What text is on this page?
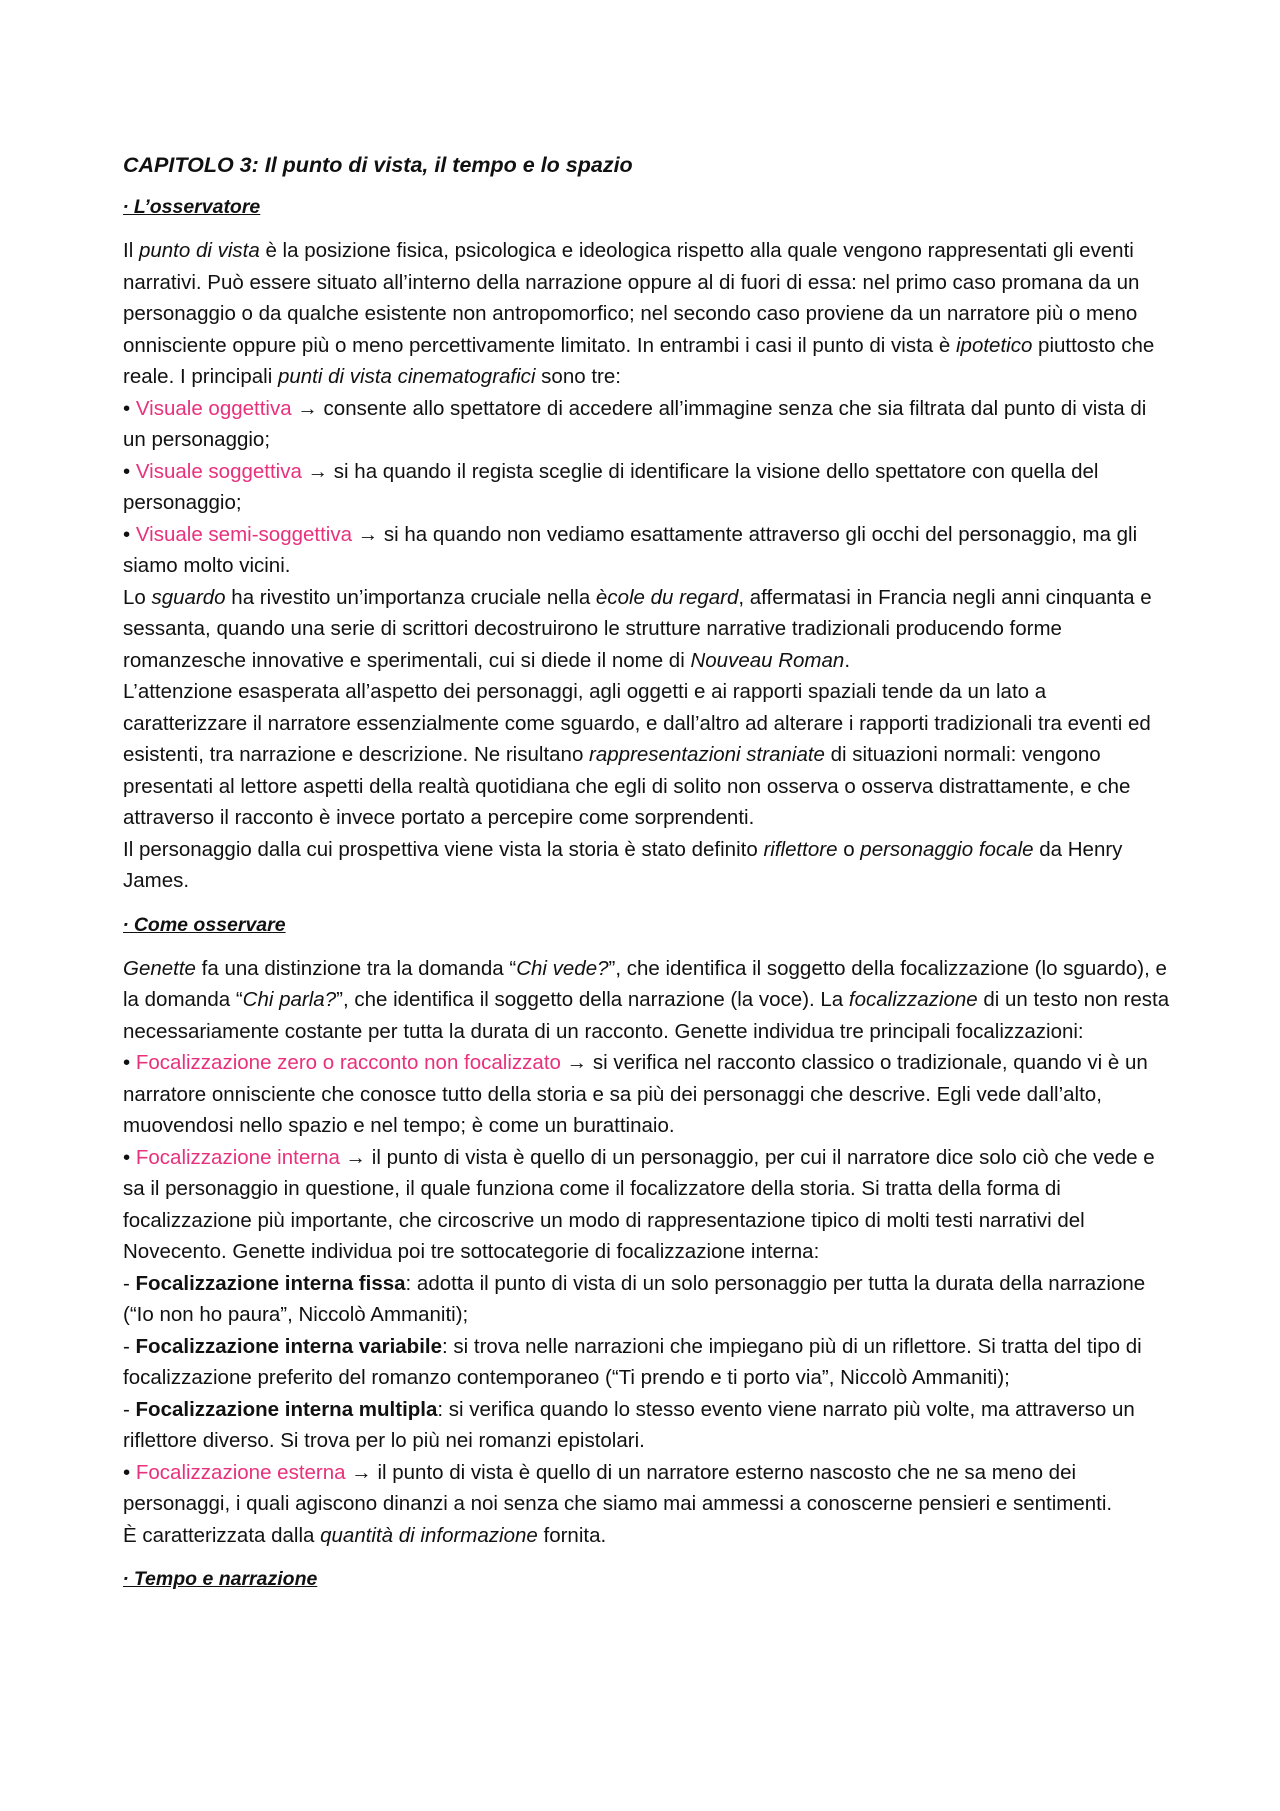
CAPITOLO 3: Il punto di vista, il tempo e lo spazio

∙ L’osservatore

Il punto di vista è la posizione fisica, psicologica e ideologica rispetto alla quale vengono rappresentati gli eventi narrativi. Può essere situato all’interno della narrazione oppure al di fuori di essa: nel primo caso promana da un personaggio o da qualche esistente non antropomorfico; nel secondo caso proviene da un narratore più o meno onnisciente oppure più o meno percettivamente limitato. In entrambi i casi il punto di vista è ipotetico piuttosto che reale. I principali punti di vista cinematografici sono tre:

• Visuale oggettiva → consente allo spettatore di accedere all’immagine senza che sia filtrata dal punto di vista di un personaggio;

• Visuale soggettiva → si ha quando il regista sceglie di identificare la visione dello spettatore con quella del personaggio;

• Visuale semi-soggettiva → si ha quando non vediamo esattamente attraverso gli occhi del personaggio, ma gli siamo molto vicini.

Lo sguardo ha rivestito un’importanza cruciale nella ècole du regard, affermatasi in Francia negli anni cinquanta e sessanta, quando una serie di scrittori decostruirono le strutture narrative tradizionali producendo forme romanzesche innovative e sperimentali, cui si diede il nome di Nouveau Roman.

L’attenzione esasperata all’aspetto dei personaggi, agli oggetti e ai rapporti spaziali tende da un lato a caratterizzare il narratore essenzialmente come sguardo, e dall’altro ad alterare i rapporti tradizionali tra eventi ed esistenti, tra narrazione e descrizione. Ne risultano rappresentazioni straniate di situazioni normali: vengono presentati al lettore aspetti della realtà quotidiana che egli di solito non osserva o osserva distrattamente, e che attraverso il racconto è invece portato a percepire come sorprendenti.

Il personaggio dalla cui prospettiva viene vista la storia è stato definito riflettore o personaggio focale da Henry James.

∙ Come osservare

Genette fa una distinzione tra la domanda “Chi vede?”, che identifica il soggetto della focalizzazione (lo sguardo), e la domanda “Chi parla?”, che identifica il soggetto della narrazione (la voce). La focalizzazione di un testo non resta necessariamente costante per tutta la durata di un racconto. Genette individua tre principali focalizzazioni:

• Focalizzazione zero o racconto non focalizzato → si verifica nel racconto classico o tradizionale, quando vi è un narratore onnisciente che conosce tutto della storia e sa più dei personaggi che descrive. Egli vede dall’alto, muovendosi nello spazio e nel tempo; è come un burattinaio.

• Focalizzazione interna → il punto di vista è quello di un personaggio, per cui il narratore dice solo ciò che vede e sa il personaggio in questione, il quale funziona come il focalizzatore della storia. Si tratta della forma di focalizzazione più importante, che circoscrive un modo di rappresentazione tipico di molti testi narrativi del Novecento. Genette individua poi tre sottocategorie di focalizzazione interna:

- Focalizzazione interna fissa: adotta il punto di vista di un solo personaggio per tutta la durata della narrazione (“Io non ho paura”, Niccolò Ammaniti);

- Focalizzazione interna variabile: si trova nelle narrazioni che impiegano più di un riflettore. Si tratta del tipo di focalizzazione preferito del romanzo contemporaneo (“Ti prendo e ti porto via”, Niccolò Ammaniti);

- Focalizzazione interna multipla: si verifica quando lo stesso evento viene narrato più volte, ma attraverso un riflettore diverso. Si trova per lo più nei romanzi epistolari.

• Focalizzazione esterna → il punto di vista è quello di un narratore esterno nascosto che ne sa meno dei personaggi, i quali agiscono dinanzi a noi senza che siamo mai ammessi a conoscerne pensieri e sentimenti.

È caratterizzata dalla quantità di informazione fornita.

∙ Tempo e narrazione
